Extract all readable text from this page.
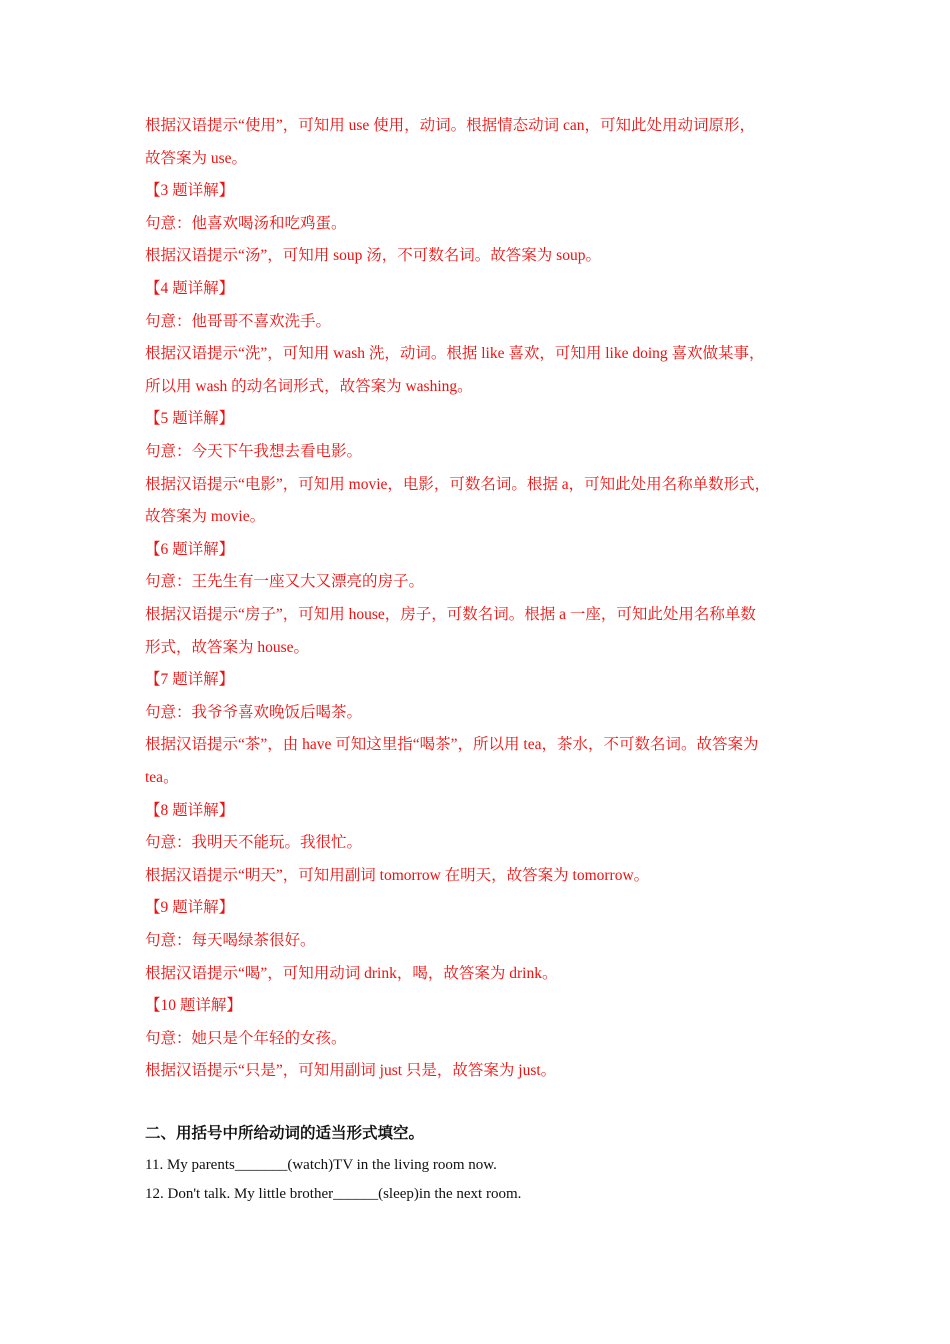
根据汉语提示“使用”，可知用 use 使用，动词。根据情态动词 can，可知此处用动词原形，
故答案为 use。
【3 题详解】
句意：他喜欢喝汤和吃鸡蛋。
根据汉语提示“汤”，可知用 soup 汤，不可数名词。故答案为 soup。
【4 题详解】
句意：他哥哥不喜欢洗手。
根据汉语提示“洗”，可知用 wash 洗，动词。根据 like 喜欢，可知用 like doing 喜欢做某事，
所以用 wash 的动名词形式，故答案为 washing。
【5 题详解】
句意：今天下午我想去看电影。
根据汉语提示“电影”，可知用 movie，电影，可数名词。根据 a，可知此处用名称单数形式，
故答案为 movie。
【6 题详解】
句意：王先生有一座又大又漂亮的房子。
根据汉语提示“房子”，可知用 house，房子，可数名词。根据 a 一座，可知此处用名称单数
形式，故答案为 house。
【7 题详解】
句意：我爷爷喜欢晚饭后喝茶。
根据汉语提示“茶”，由 have 可知这里指“喝茶”，所以用 tea，茶水，不可数名词。故答案为
tea。
【8 题详解】
句意：我明天不能玩。我很忙。
根据汉语提示“明天”，可知用副词 tomorrow 在明天，故答案为 tomorrow。
【9 题详解】
句意：每天喝绿茶很好。
根据汉语提示“喝”，可知用动词 drink，喝，故答案为 drink。
【10 题详解】
句意：她只是个年轻的女孩。
根据汉语提示“只是”，可知用副词 just 只是，故答案为 just。
二、用括号中所给动词的适当形式填空。
11. My parents_______(watch)TV in the living room now.
12. Don't talk. My little brother______(sleep)in the next room.
